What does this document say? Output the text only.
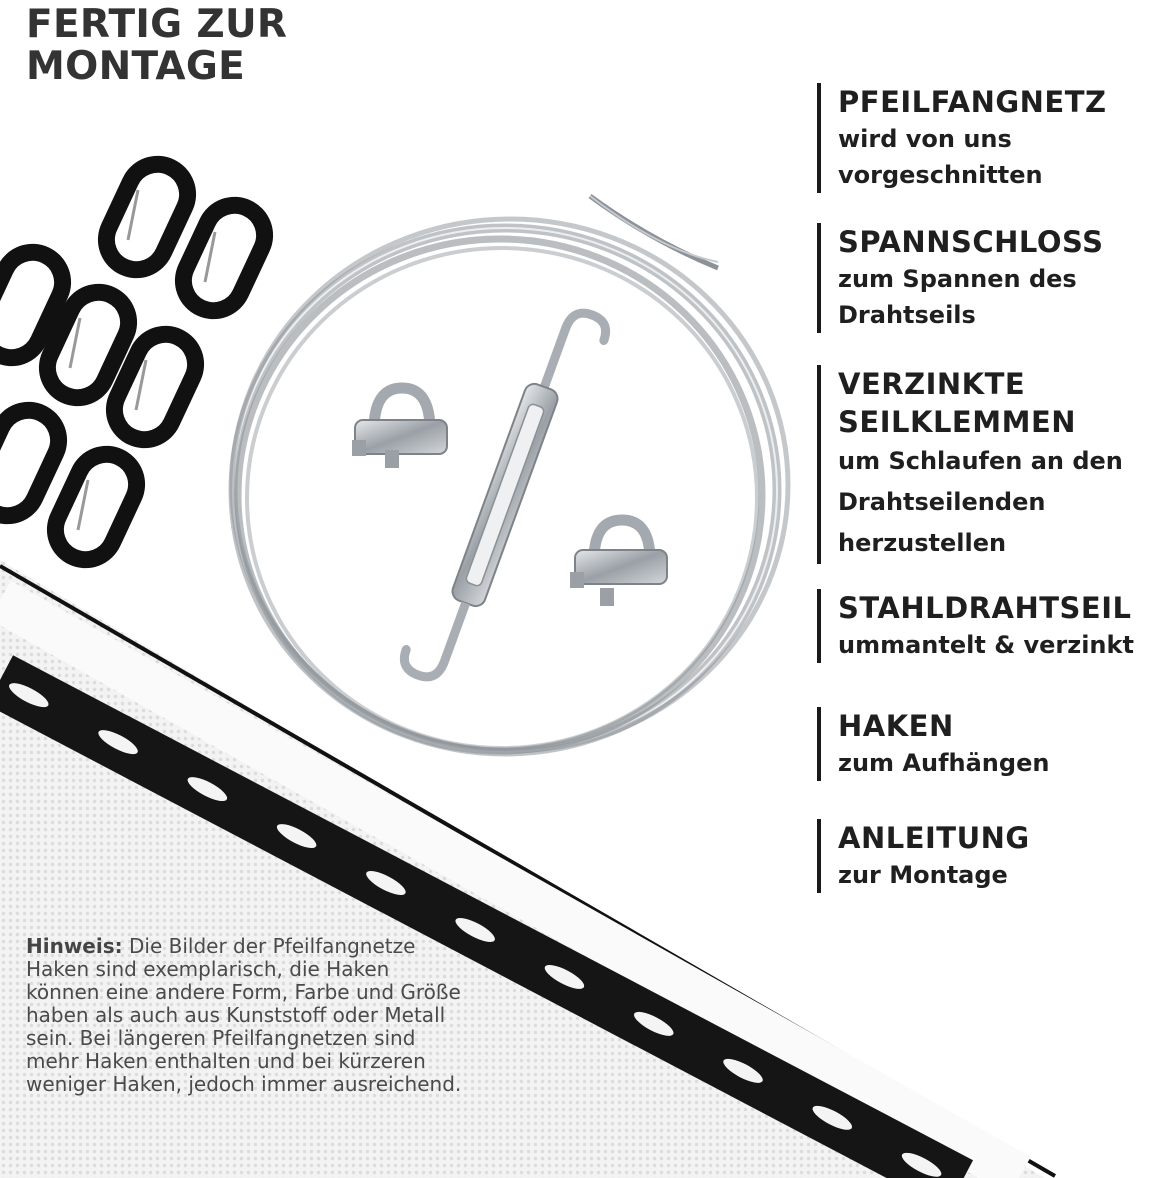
FERTIG ZUR
MONTAGE
PFEILFANGNETZ
wird von uns
vorgeschnitten
SPANNSCHLOSS
zum Spannen des
Drahtseils
VERZINKTE
SEILKLEMMEN
um Schlaufen an den
Drahtseilenden
herzustellen
STAHLDRAHTSEIL
ummantelt & verzinkt
HAKEN
zum Aufhängen
ANLEITUNG
zur Montage
Hinweis: Die Bilder der Pfeilfangnetze Haken sind exemplarisch, die Haken können eine andere Form, Farbe und Größe haben als auch aus Kunststoff oder Metall sein. Bei längeren Pfeilfangnetzen sind mehr Haken enthalten und bei kürzeren weniger Haken, jedoch immer ausreichend.
